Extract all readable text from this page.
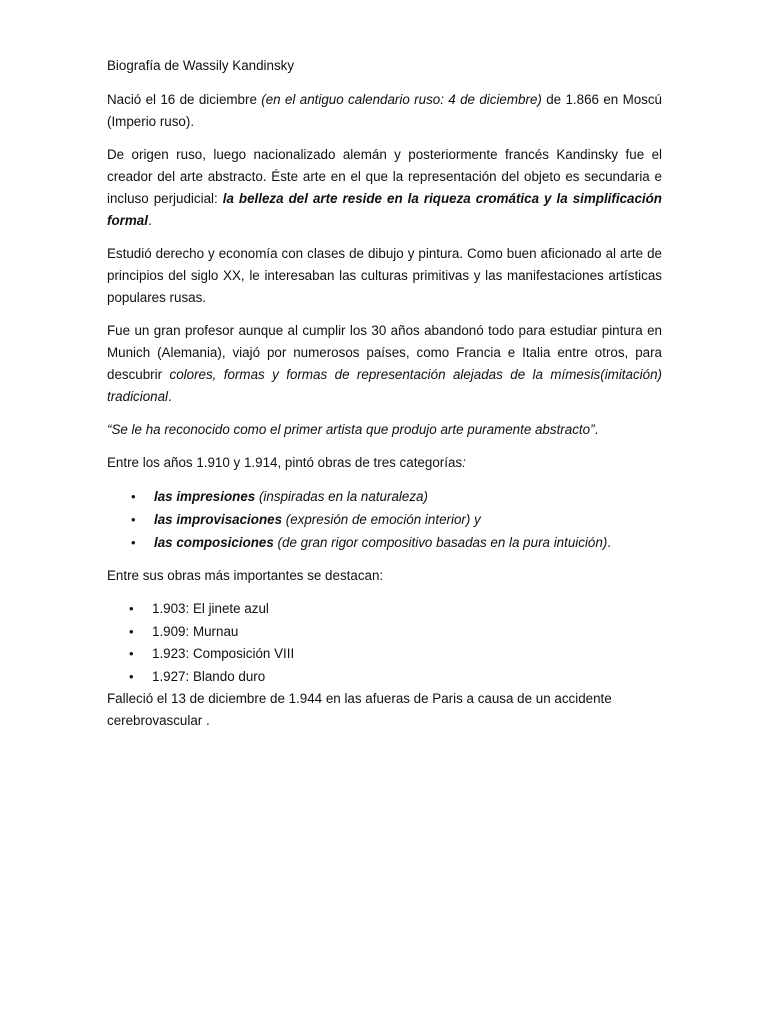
Biografía de Wassily Kandinsky

Nació el 16 de diciembre (en el antiguo calendario ruso: 4 de diciembre) de 1.866 en Moscú (Imperio ruso).

De origen ruso, luego nacionalizado alemán y posteriormente francés Kandinsky fue el creador del arte abstracto. Éste arte en el que la representación del objeto es secundaria e incluso perjudicial: la belleza del arte reside en la riqueza cromática y la simplificación formal.

Estudió derecho y economía con clases de dibujo y pintura. Como buen aficionado al arte de principios del siglo XX, le interesaban las culturas primitivas y las manifestaciones artísticas populares rusas.

Fue un gran profesor aunque al cumplir los 30 años abandonó todo para estudiar pintura en Munich (Alemania), viajó por numerosos países, como Francia e Italia entre otros, para descubrir colores, formas y formas de representación alejadas de la mímesis(imitación) tradicional.

“Se le ha reconocido como el primer artista que produjo arte puramente abstracto”.

Entre los años 1.910 y 1.914, pintó obras de tres categorías:

• las impresiones (inspiradas en la naturaleza)
• las improvisaciones (expresión de emoción interior) y
• las composiciones (de gran rigor compositivo basadas en la pura intuición).

Entre sus obras más importantes se destacan:

• 1.903: El jinete azul
• 1.909: Murnau
• 1.923: Composición VIII
• 1.927: Blando duro

Falleció el 13 de diciembre de 1.944 en las afueras de Paris a causa de un accidente cerebrovascular .
